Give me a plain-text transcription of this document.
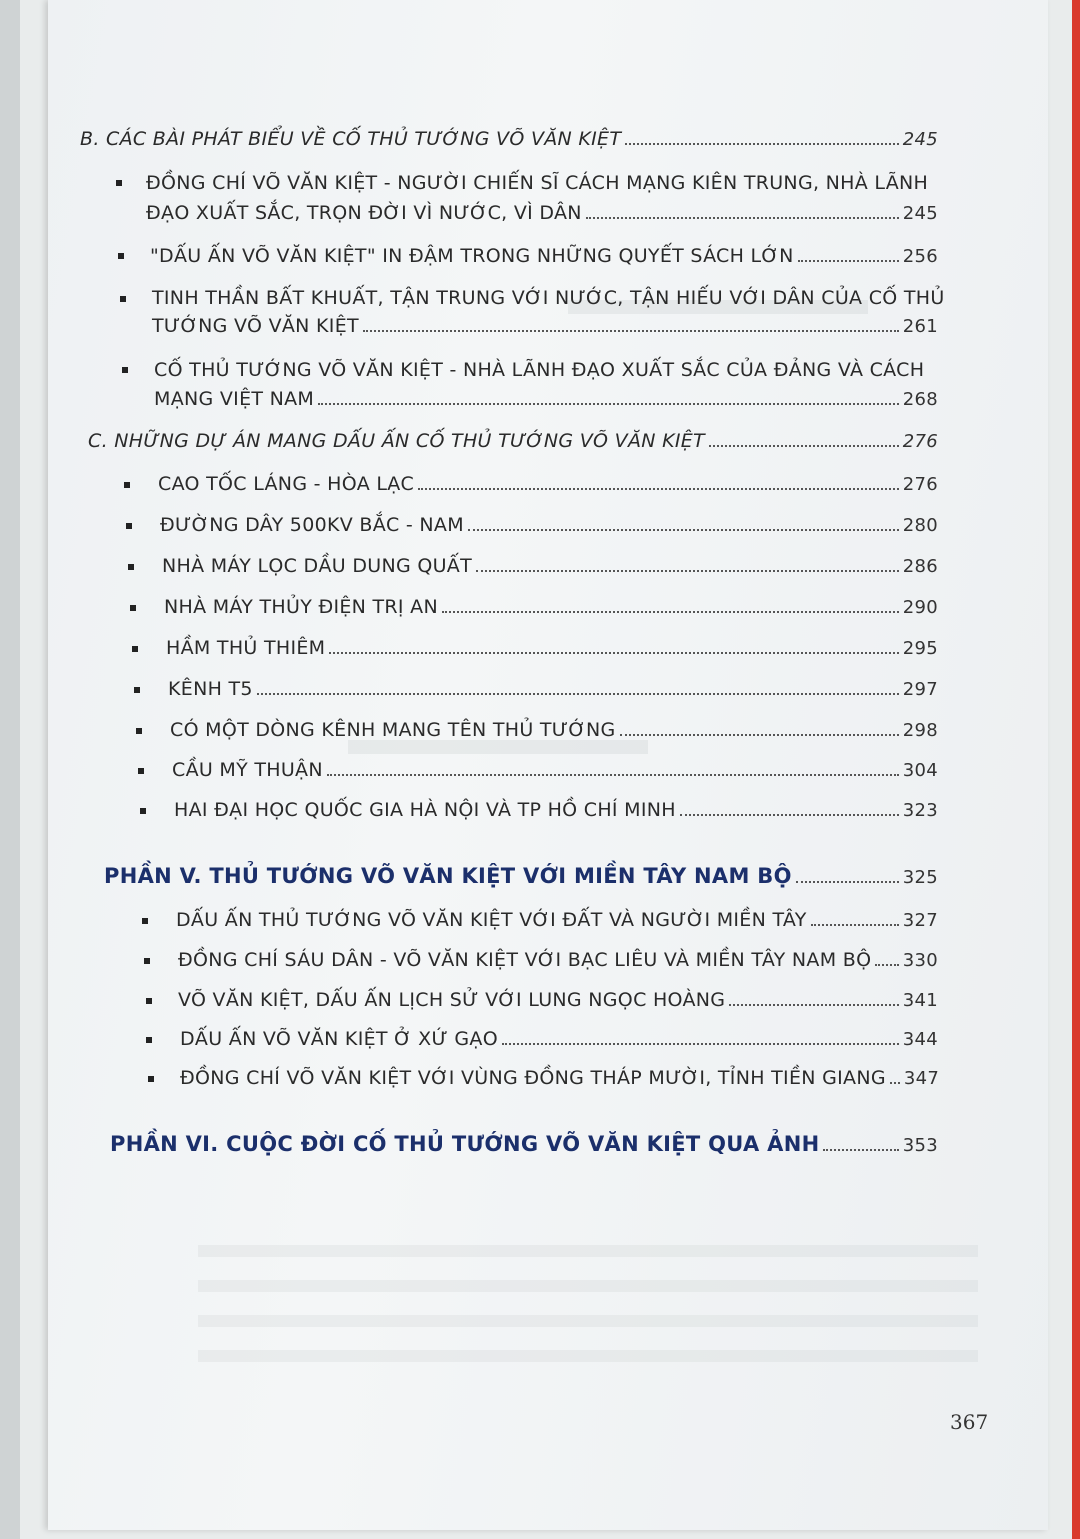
B. CÁC BÀI PHÁT BIỂU VỀ CỐ THỦ TƯỚNG VÕ VĂN KIỆT	245
ĐỒNG CHÍ VÕ VĂN KIỆT - NGƯỜI CHIẾN SĨ CÁCH MẠNG KIÊN TRUNG, NHÀ LÃNH
ĐẠO XUẤT SẮC, TRỌN ĐỜI VÌ NƯỚC, VÌ DÂN	245
"DẤU ẤN VÕ VĂN KIỆT" IN ĐẬM TRONG NHỮNG QUYẾT SÁCH LỚN	256
TINH THẦN BẤT KHUẤT, TẬN TRUNG VỚI NƯỚC, TẬN HIẾU VỚI DÂN CỦA CỐ THỦ
TƯỚNG VÕ VĂN KIỆT	261
CỐ THỦ TƯỚNG VÕ VĂN KIỆT - NHÀ LÃNH ĐẠO XUẤT SẮC CỦA ĐẢNG VÀ CÁCH
MẠNG VIỆT NAM	268
C. NHỮNG DỰ ÁN MANG DẤU ẤN CỐ THỦ TƯỚNG VÕ VĂN KIỆT	276
CAO TỐC LÁNG - HÒA LẠC	276
ĐƯỜNG DÂY 500KV BẮC - NAM	280
NHÀ MÁY LỌC DẦU DUNG QUẤT	286
NHÀ MÁY THỦY ĐIỆN TRỊ AN	290
HẦM THỦ THIÊM	295
KÊNH T5	297
CÓ MỘT DÒNG KÊNH MANG TÊN THỦ TƯỚNG	298
CẦU MỸ THUẬN	304
HAI ĐẠI HỌC QUỐC GIA HÀ NỘI VÀ TP HỒ CHÍ MINH	323
PHẦN V. THỦ TƯỚNG VÕ VĂN KIỆT VỚI MIỀN TÂY NAM BỘ	325
DẤU ẤN THỦ TƯỚNG VÕ VĂN KIỆT VỚI ĐẤT VÀ NGƯỜI MIỀN TÂY	327
ĐỒNG CHÍ SÁU DÂN - VÕ VĂN KIỆT VỚI BẠC LIÊU VÀ MIỀN TÂY NAM BỘ 330
VÕ VĂN KIỆT, DẤU ẤN LỊCH SỬ VỚI LUNG NGỌC HOÀNG	341
DẤU ẤN VÕ VĂN KIỆT Ở XỨ GẠO	344
ĐỒNG CHÍ VÕ VĂN KIỆT VỚI VÙNG ĐỒNG THÁP MƯỜI, TỈNH TIỀN GIANG 347
PHẦN VI. CUỘC ĐỜI CỐ THỦ TƯỚNG VÕ VĂN KIỆT QUA ẢNH	353
367
